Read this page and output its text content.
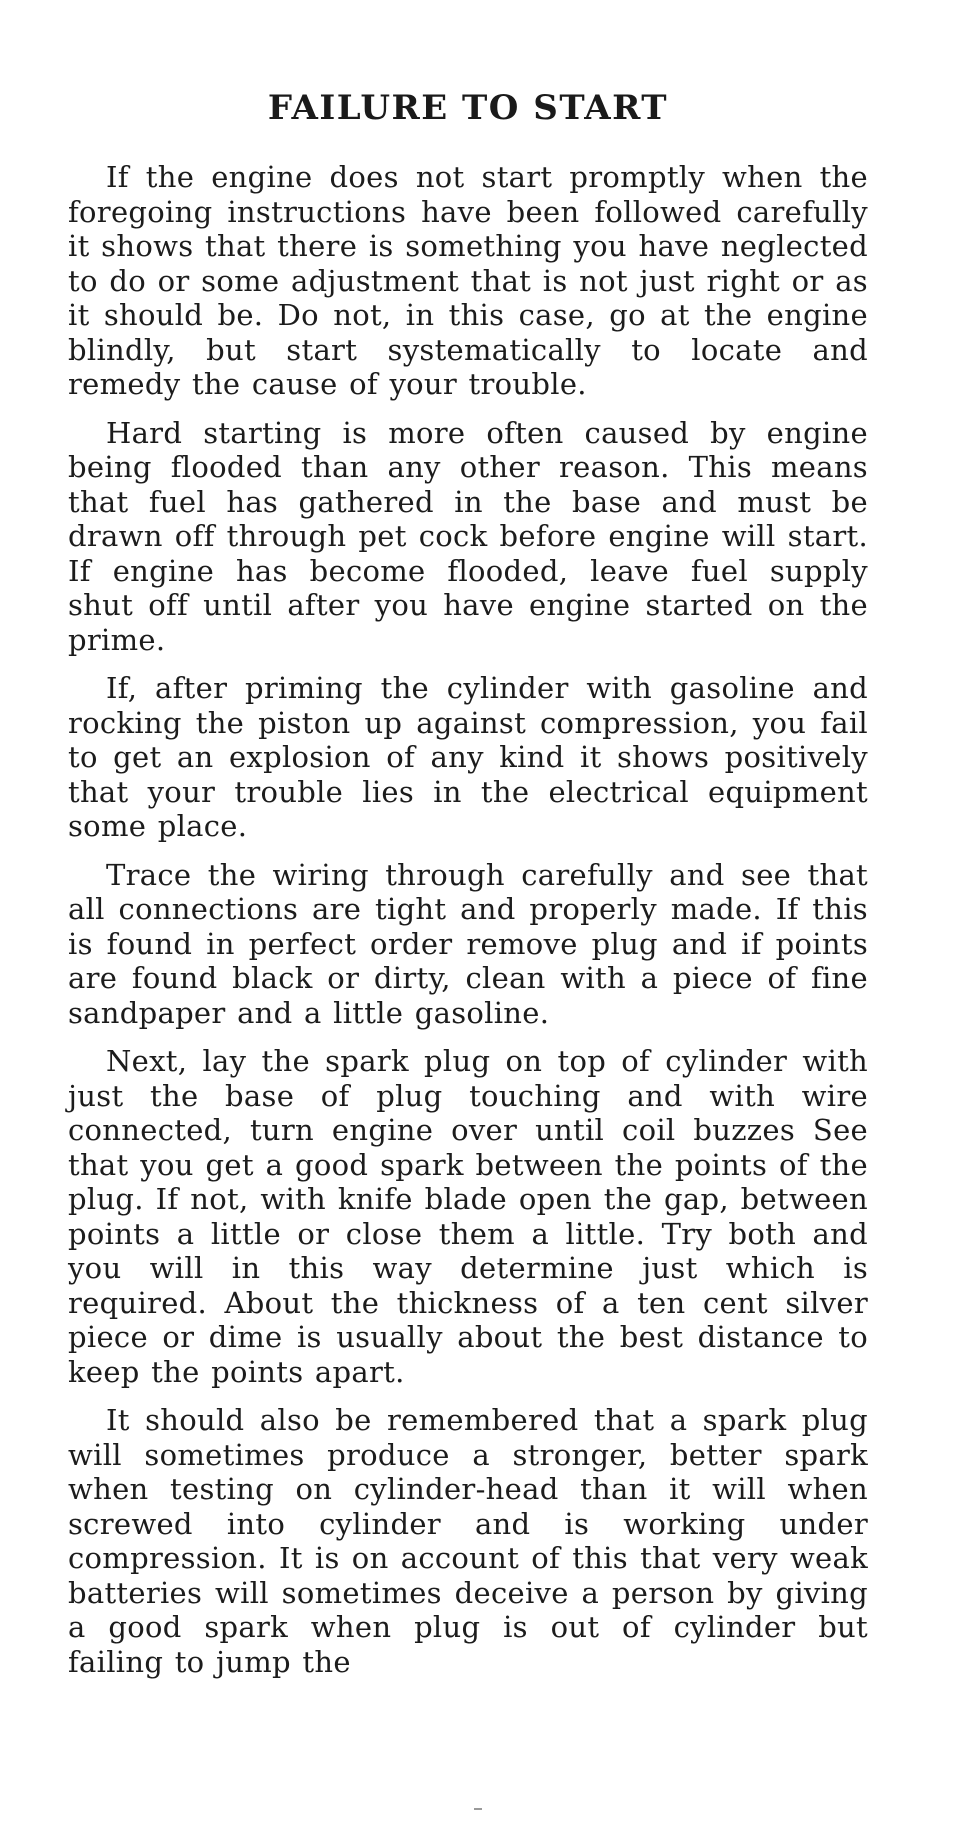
FAILURE TO START

If the engine does not start promptly when the foregoing instructions have been followed carefully it shows that there is something you have neglected to do or some adjustment that is not just right or as it should be. Do not, in this case, go at the engine blindly, but start systematically to locate and remedy the cause of your trouble.

Hard starting is more often caused by engine being flooded than any other reason. This means that fuel has gathered in the base and must be drawn off through pet cock before engine will start. If engine has become flooded, leave fuel supply shut off until after you have engine started on the prime.

If, after priming the cylinder with gasoline and rocking the piston up against compression, you fail to get an explosion of any kind it shows positively that your trouble lies in the electrical equipment some place.

Trace the wiring through carefully and see that all connections are tight and properly made. If this is found in perfect order remove plug and if points are found black or dirty, clean with a piece of fine sandpaper and a little gasoline.

Next, lay the spark plug on top of cylinder with just the base of plug touching and with wire connected, turn engine over until coil buzzes See that you get a good spark between the points of the plug. If not, with knife blade open the gap, between points a little or close them a little. Try both and you will in this way determine just which is required. About the thickness of a ten cent silver piece or dime is usually about the best distance to keep the points apart.

It should also be remembered that a spark plug will sometimes produce a stronger, better spark when testing on cylinder-head than it will when screwed into cylinder and is working under compression. It is on account of this that very weak batteries will sometimes deceive a person by giving a good spark when plug is out of cylinder but failing to jump the
